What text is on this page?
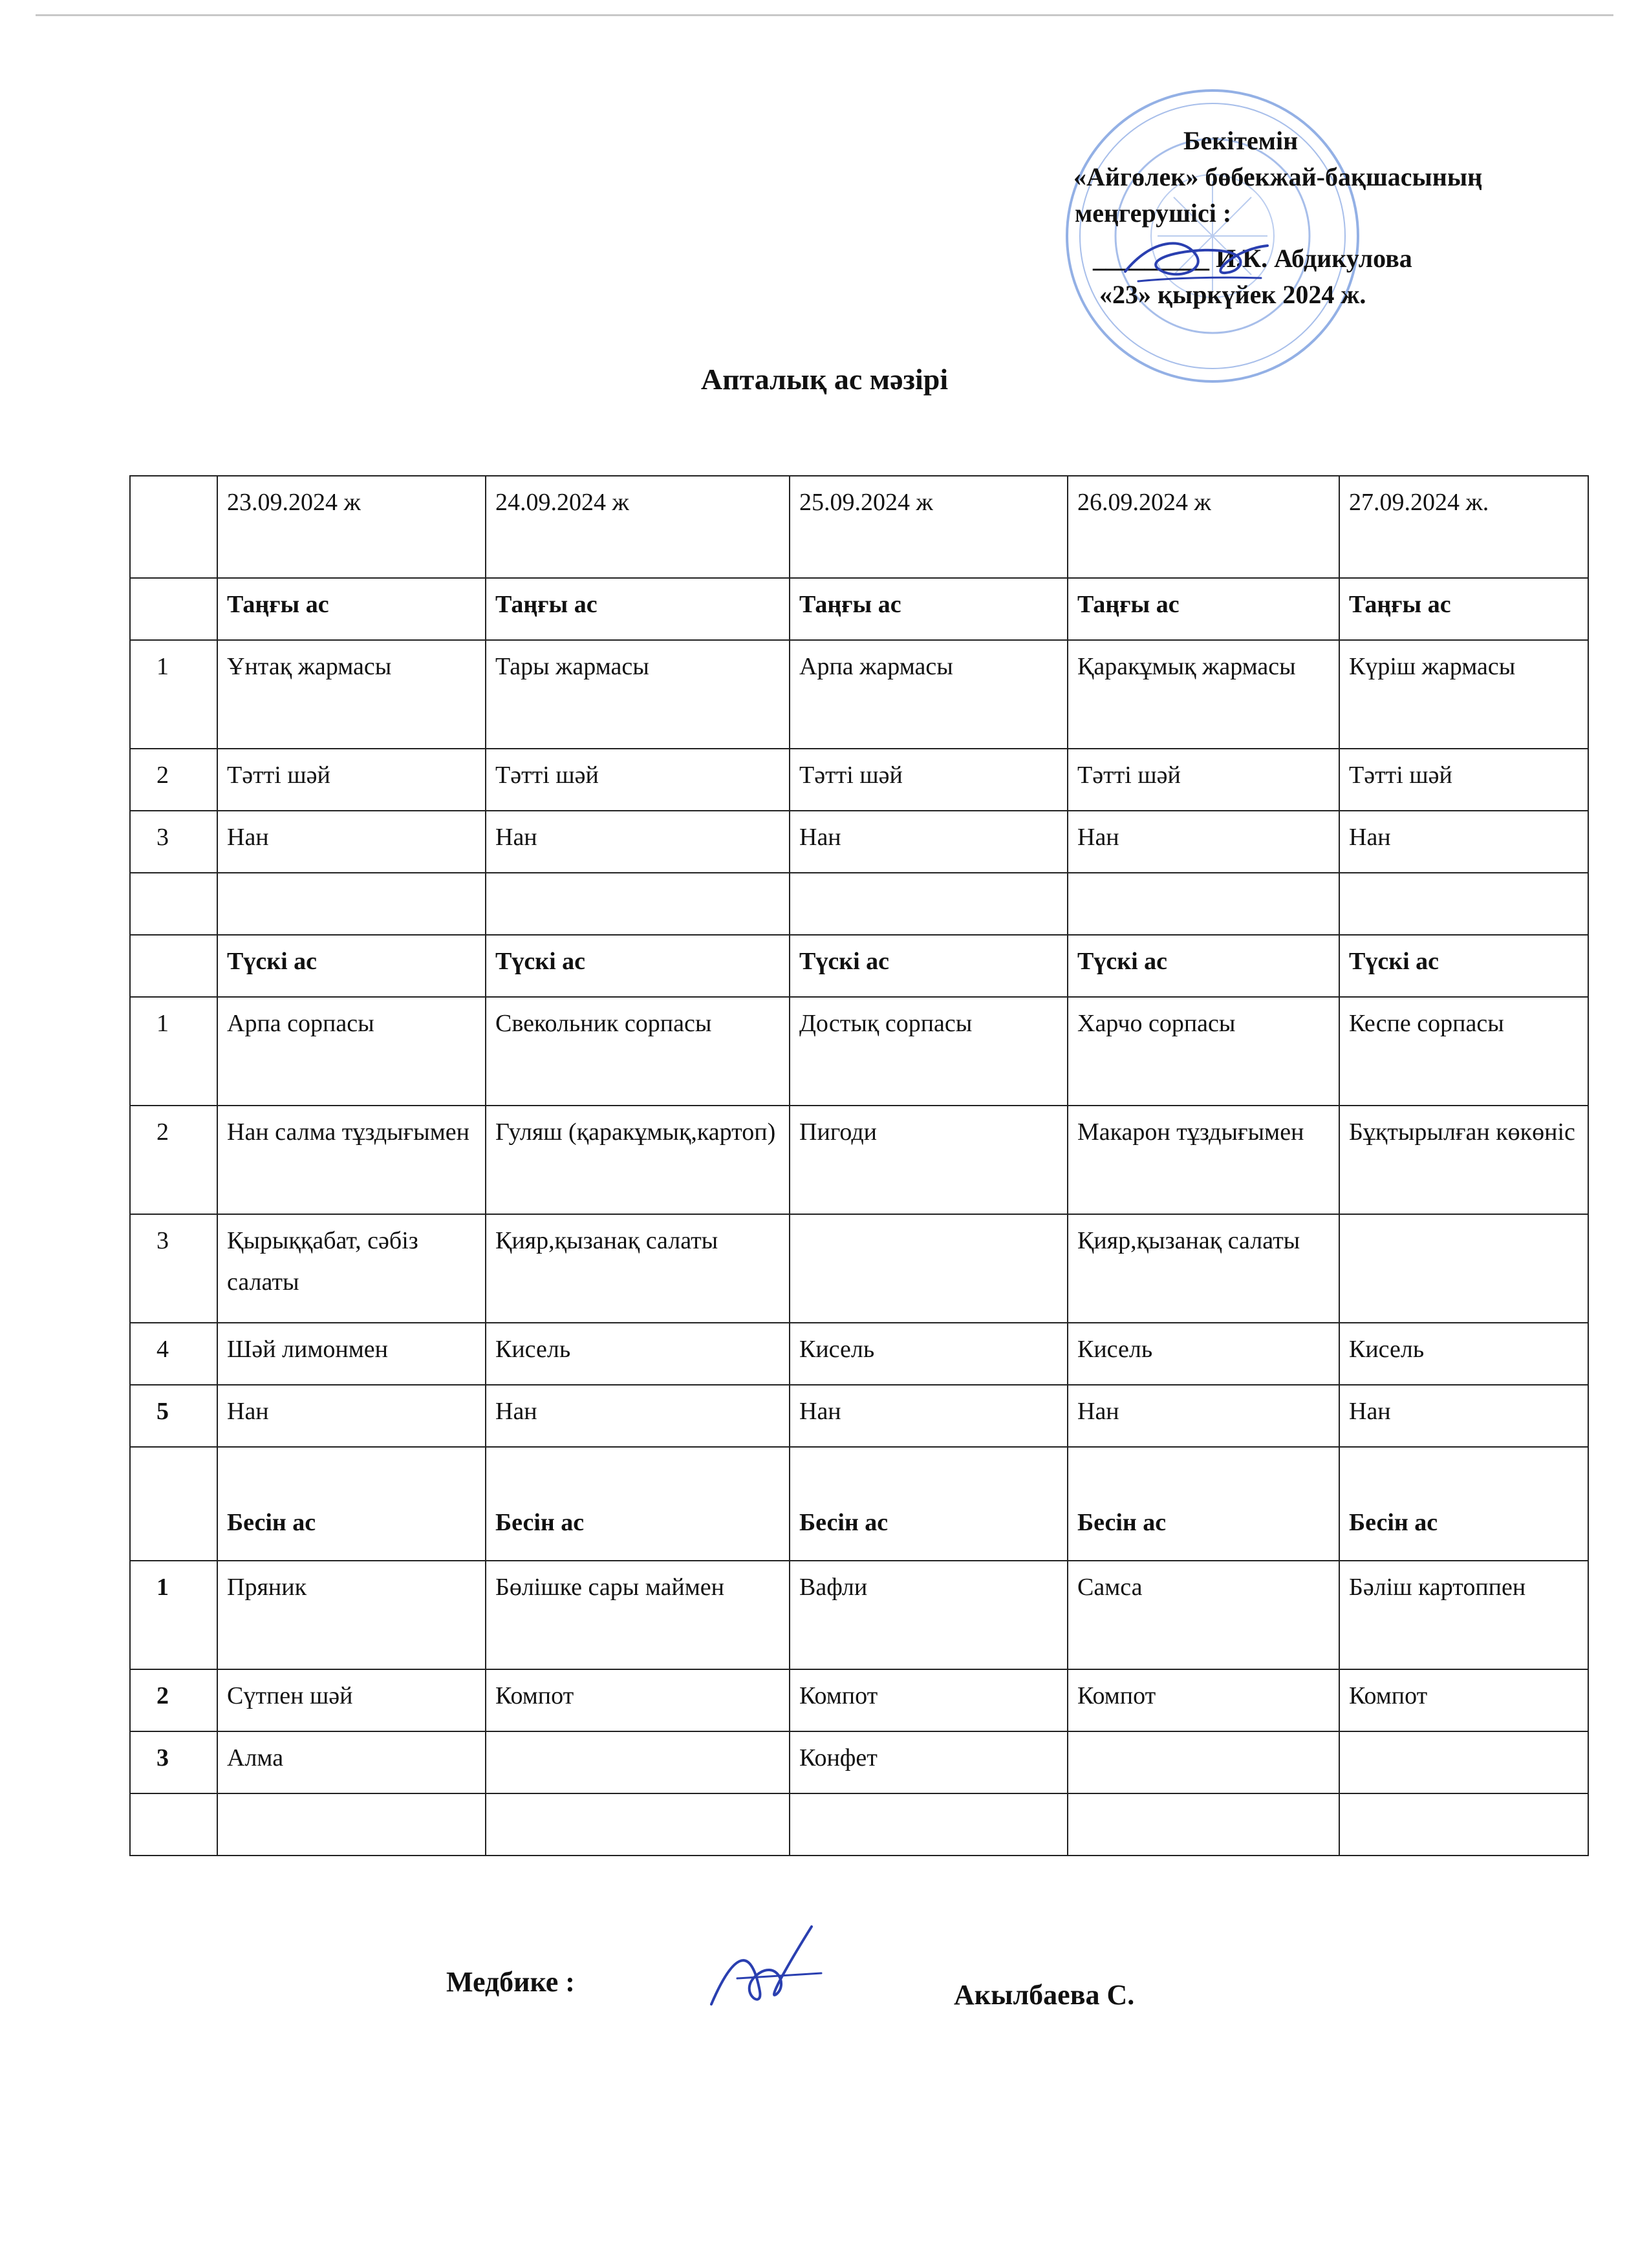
Бекітемін
«Айгөлек» бөбекжай-бақшасының
меңгерушісі :
_________ И.К. Абдикулова
«23» қыркүйек 2024 ж.
Апталық ас мәзірі
	23.09.2024 ж	24.09.2024 ж	25.09.2024 ж	26.09.2024 ж	27.09.2024 ж.
	Таңғы ас	Таңғы ас	Таңғы ас	Таңғы ас	Таңғы ас
1	Ұнтақ жармасы	Тары жармасы	Арпа жармасы	Қаракұмық жармасы	Күріш жармасы
2	Тәтті шәй	Тәтті шәй	Тәтті шәй	Тәтті шәй	Тәтті шәй
3	Нан	Нан	Нан	Нан	Нан

	Түскі ас	Түскі ас	Түскі ас	Түскі ас	Түскі ас
1	Арпа сорпасы	Свекольник сорпасы	Достық сорпасы	Харчо сорпасы	Кеспе сорпасы
2	Нан салма тұздығымен	Гуляш (қаракұмық,картоп)	Пигоди	Макарон тұздығымен	Бұқтырылған көкөніс
3	Қырыққабат, сәбіз салаты	Қияр,қызанақ салаты		Қияр,қызанақ салаты	
4	Шәй лимонмен	Кисель	Кисель	Кисель	Кисель
5	Нан	Нан	Нан	Нан	Нан
	Бесін ас	Бесін ас	Бесін ас	Бесін ас	Бесін ас
1	Пряник	Бөлішке сары маймен	Вафли	Самса	Бәліш картоппен
2	Сүтпен шәй	Компот	Компот	Компот	Компот
3	Алма		Конфет		

Медбике :	Акылбаева С.
